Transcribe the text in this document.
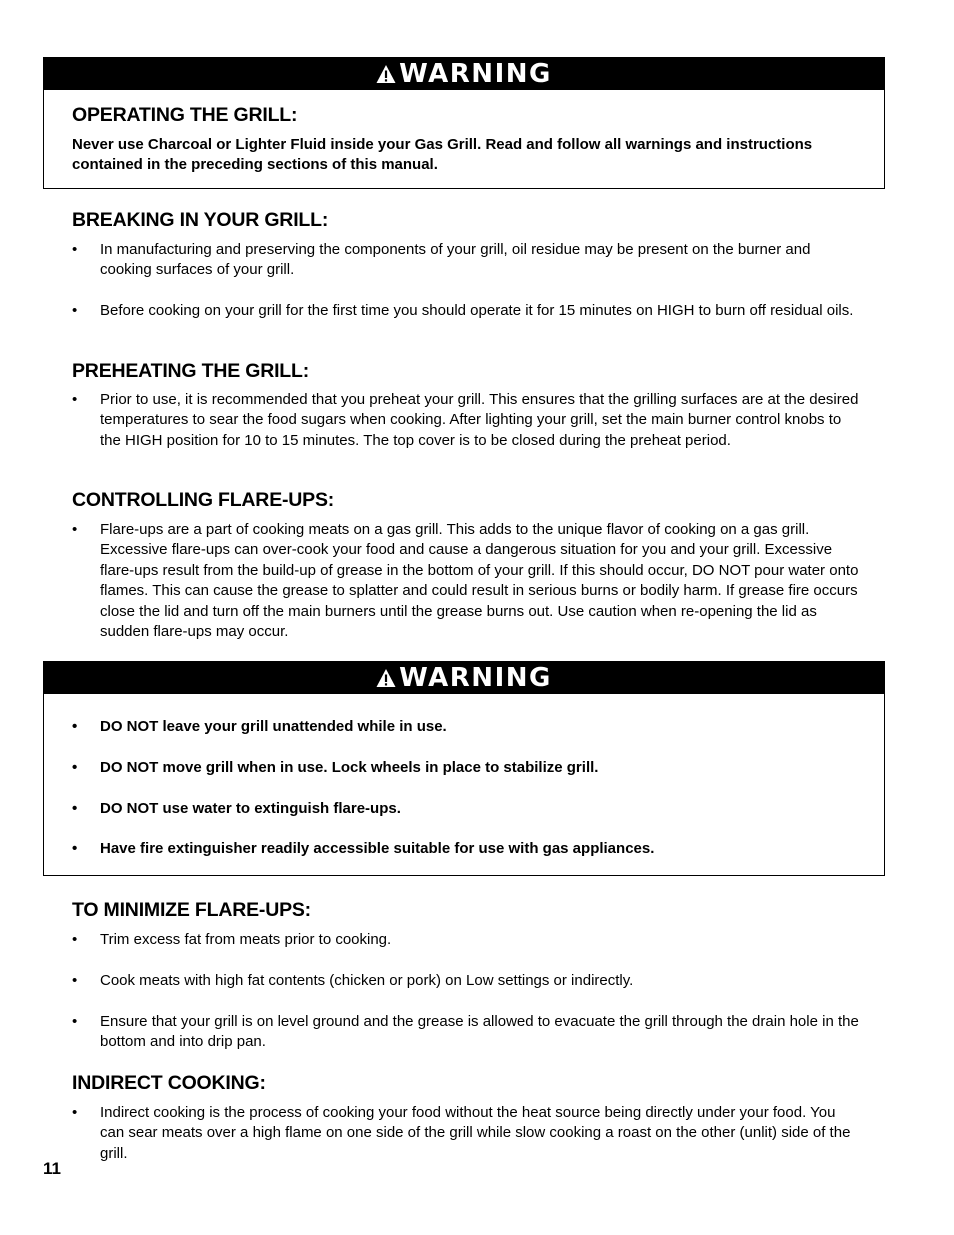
WARNING
OPERATING THE GRILL:

Never use Charcoal or Lighter Fluid inside your Gas Grill. Read and follow all warnings and instructions contained in the preceding sections of this manual.

BREAKING IN YOUR GRILL:
• In manufacturing and preserving the components of your grill, oil residue may be present on the burner and cooking surfaces of your grill.
• Before cooking on your grill for the first time you should operate it for 15 minutes on HIGH to burn off residual oils.
PREHEATING THE GRILL:
• Prior to use, it is recommended that you preheat your grill. This ensures that the grilling surfaces are at the desired temperatures to sear the food sugars when cooking. After lighting your grill, set the main burner control knobs to the HIGH position for 10 to 15 minutes. The top cover is to be closed during the preheat period.
CONTROLLING FLARE-UPS:
• Flare-ups are a part of cooking meats on a gas grill. This adds to the unique flavor of cooking on a gas grill. Excessive flare-ups can over-cook your food and cause a dangerous situation for you and your grill. Excessive flare-ups result from the build-up of grease in the bottom of your grill. If this should occur, DO NOT pour water onto flames. This can cause the grease to splatter and could result in serious burns or bodily harm. If grease fire occurs close the lid and turn off the main burners until the grease burns out. Use caution when re-opening the lid as sudden flare-ups may occur.
WARNING
• DO NOT leave your grill unattended while in use.
• DO NOT move grill when in use. Lock wheels in place to stabilize grill.
• DO NOT use water to extinguish flare-ups.
• Have fire extinguisher readily accessible suitable for use with gas appliances.
TO MINIMIZE FLARE-UPS:
• Trim excess fat from meats prior to cooking.
• Cook meats with high fat contents (chicken or pork) on Low settings or indirectly.
• Ensure that your grill is on level ground and the grease is allowed to evacuate the grill through the drain hole in the bottom and into drip pan.
INDIRECT COOKING:
• Indirect cooking is the process of cooking your food without the heat source being directly under your food. You can sear meats over a high flame on one side of the grill while slow cooking a roast on the other (unlit) side of the grill.
11
